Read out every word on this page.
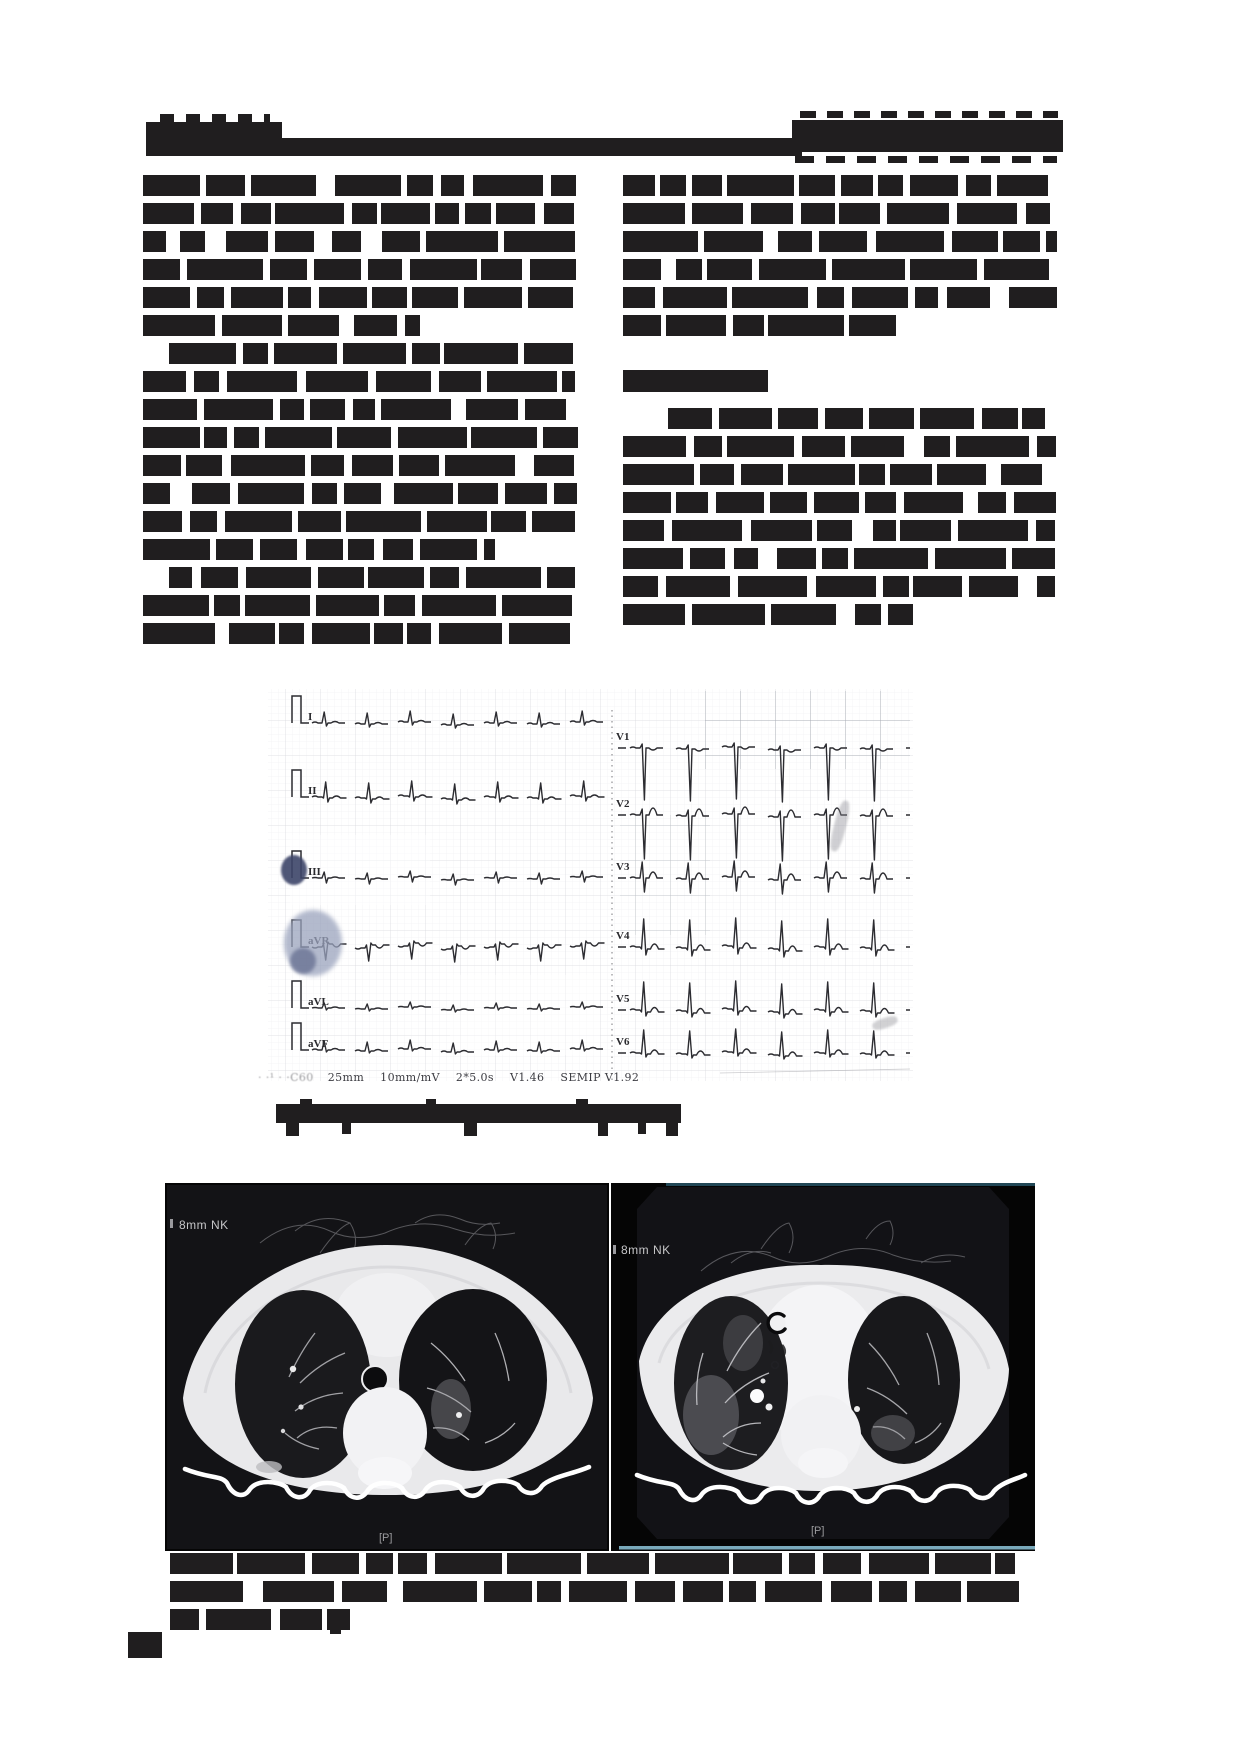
I
II
III
aVL
aVF
V1
V2
V3
V4
V5
V6
· ·¹ · ·C60 25mm 10mm/mV 2*5.0s V1.46 SEMIP V1.92
8mm NK
[P]
8mm NK
[P]
